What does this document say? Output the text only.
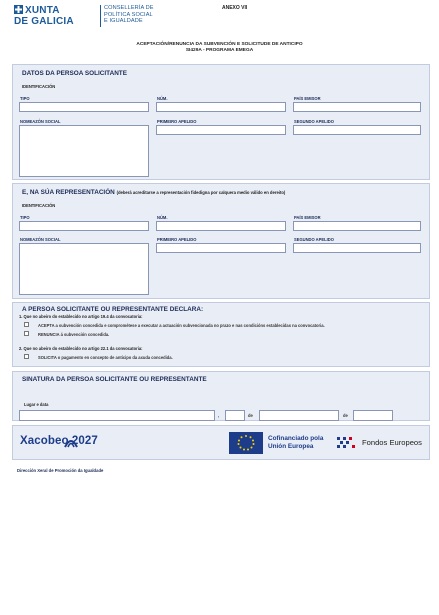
XUNTA
DE GALICIA
CONSELLERÍA DE
POLÍTICA SOCIAL
E IGUALDADE
ANEXO VII
ACEPTACIÓN/RENUNCIA DA SUBVENCIÓN E SOLICITUDE DE ANTICIPO
SI429A - PROGRAMA EMEGA
DATOS DA PERSOA SOLICITANTE
IDENTIFICACIÓN
TIPO	NÚM.	PAÍS EMISOR
NOMEAZÓN SOCIAL	PRIMEIRO APELIDO	SEGUNDO APELIDO
E, NA SÚA REPRESENTACIÓN (deberá acreditarse a representación fidedigna por calquera medio válido en dereito)
IDENTIFICACIÓN
TIPO	NÚM.	PAÍS EMISOR
NOMEAZÓN SOCIAL	PRIMEIRO APELIDO	SEGUNDO APELIDO
A PERSOA SOLICITANTE OU REPRESENTANTE DECLARA:
1. Que no abeiro do establecido no artigo 19.4 da convocatoria:
ACEPTA a subvención concedida e comprométese a executar a actuación subvencionada no prazo e nas condicións establecidas na convocatoria.
RENUNCIA á subvención concedida.
2. Que no abeiro do establecido no artigo 22.1 da convocatoria:
SOLICITA o pagamento en concepto de anticipo da axuda concedida.
SINATURA DA PERSOA SOLICITANTE OU REPRESENTANTE
Lugar e data
,	de	de
Xacobeo 2027	Cofinanciado pola
Unión Europea	Fondos Europeos
Dirección Xeral de Promoción da Igualdade
